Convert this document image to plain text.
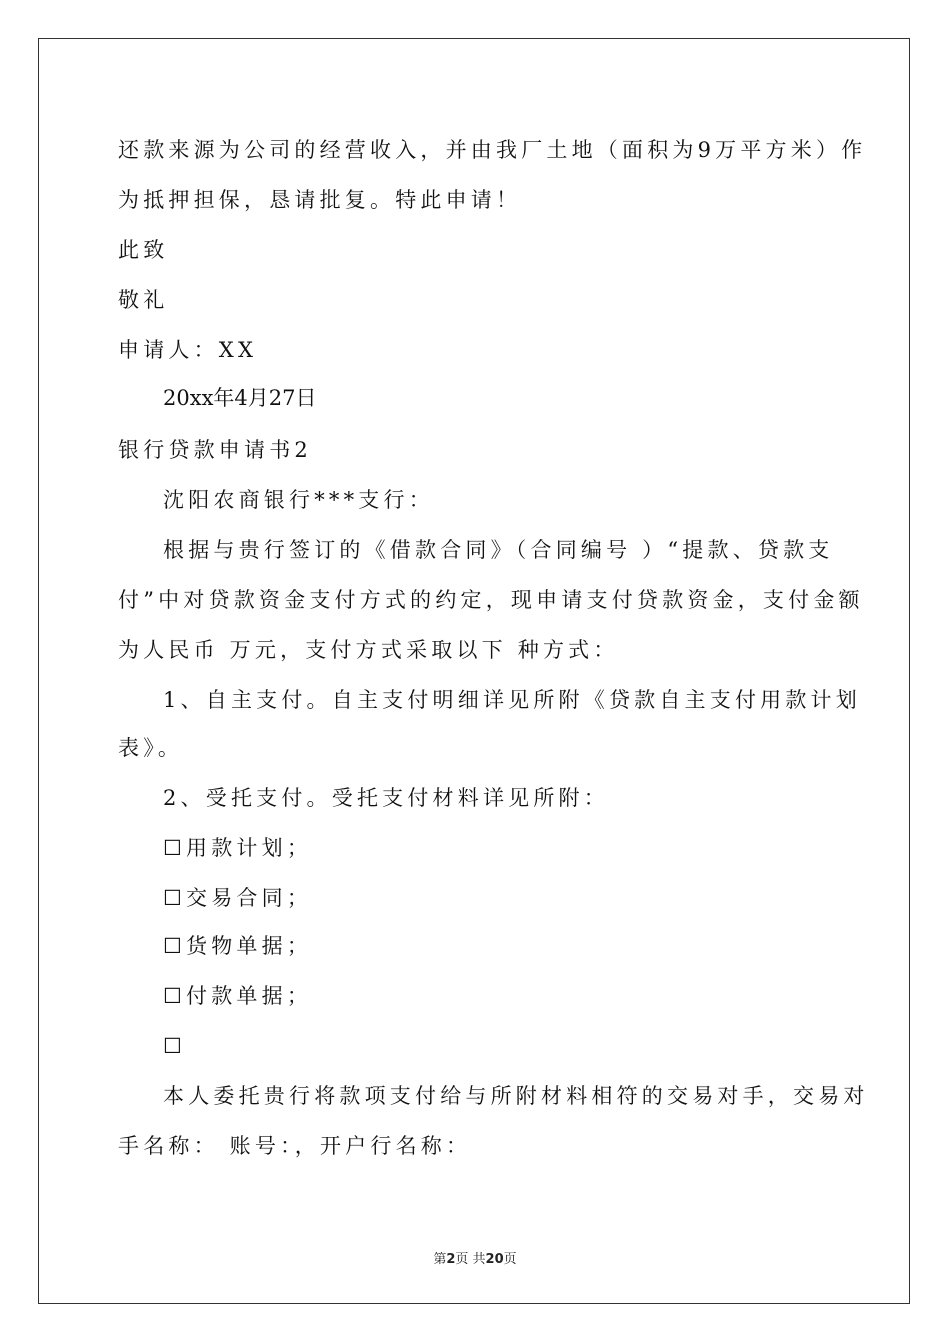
还款来源为公司的经营收入，并由我厂土地（面积为9万平方米）作
为抵押担保，恳请批复。特此申请！
此致
敬礼
申请人：XX
20xx年4月27日
银行贷款申请书2
沈阳农商银行***支行：
根据与贵行签订的《借款合同》（合同编号 ）“提款、贷款支
付”中对贷款资金支付方式的约定，现申请支付贷款资金，支付金额
为人民币 万元，支付方式采取以下 种方式：
1、自主支付。自主支付明细详见所附《贷款自主支付用款计划
表》。
2、受托支付。受托支付材料详见所附：
☐用款计划；
☐交易合同；
☐货物单据；
☐付款单据；
☐
本人委托贵行将款项支付给与所附材料相符的交易对手，交易对
手名称： 账号：，开户行名称：
第2页 共20页
